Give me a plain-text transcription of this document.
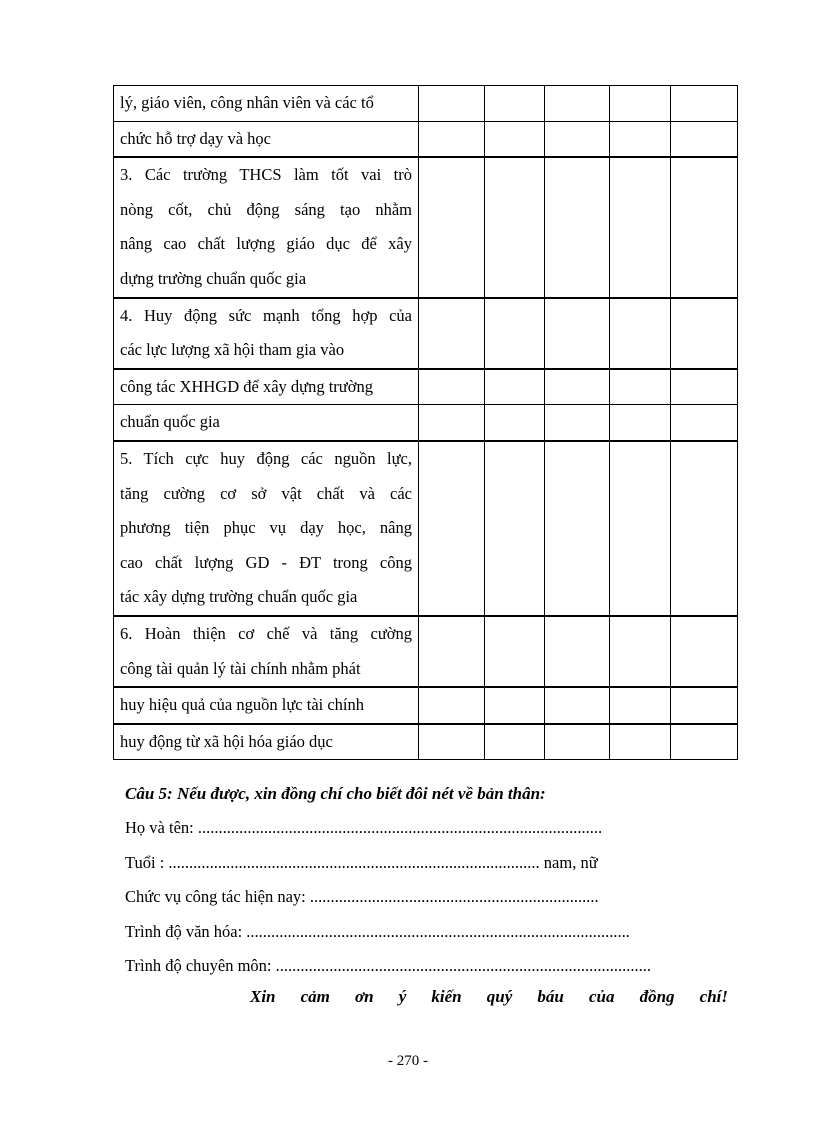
lý, giáo viên, công nhân viên và các tổ					

chức hỗ trợ dạy và học					

3. Các trường THCS làm tốt vai trò
nòng cốt, chủ động sáng tạo nhằm
nâng cao chất lượng giáo dục để xây
dựng trường chuẩn quốc gia					

4. Huy động sức mạnh tổng hợp của
các lực lượng xã hội tham gia vào					

công tác XHHGD để xây dựng trường					

chuẩn quốc gia					

5. Tích cực huy động các nguồn lực,
tăng cường cơ sở vật chất và các
phương tiện phục vụ dạy học, nâng
cao chất lượng GD - ĐT trong công
tác xây dựng trường chuẩn quốc gia					

6. Hoàn thiện cơ chế và tăng cường
công tài quản lý tài chính nhằm phát					

huy hiệu quả của nguồn lực tài chính					

huy động từ xã hội hóa giáo dục					

Câu 5: Nếu được, xin đồng chí cho biết đôi nét về bản thân:
Họ và tên: ..................................................................................................
Tuổi : .......................................................................................... nam, nữ
Chức vụ công tác hiện nay: ......................................................................
Trình độ văn hóa: .............................................................................................
Trình độ chuyên môn: ...........................................................................................
Xin cảm ơn ý kiến quý báu của đồng chí!
- 270 -
